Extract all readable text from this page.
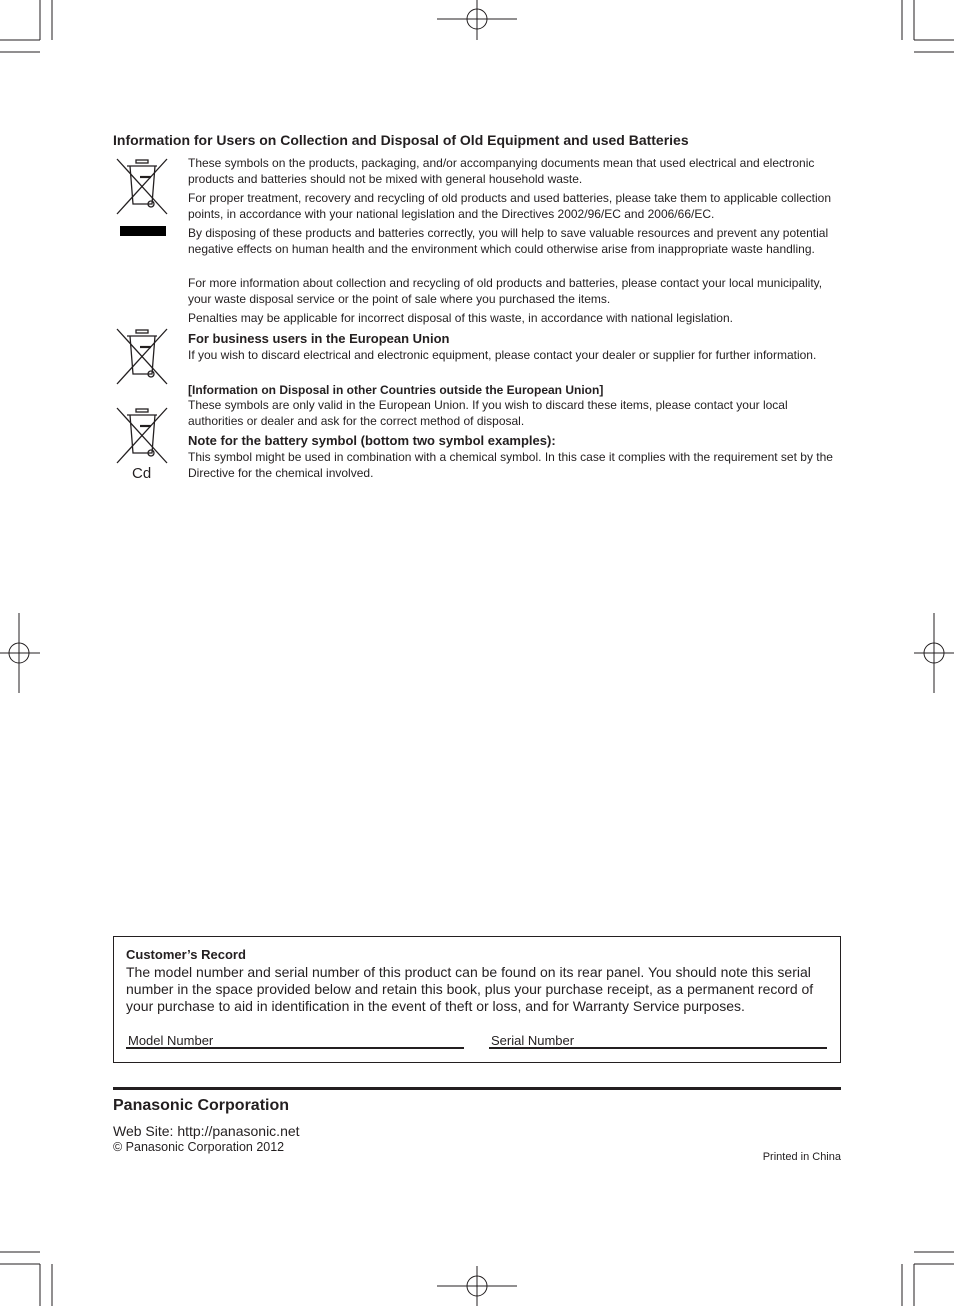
Information for Users on Collection and Disposal of Old Equipment and used Batteries
Cd

These symbols on the products, packaging, and/or accompanying documents mean that used electrical and electronic products and batteries should not be mixed with general household waste.

For proper treatment, recovery and recycling of old products and used batteries, please take them to applicable collection points, in accordance with your national legislation and the Directives 2002/96/EC and 2006/66/EC.

By disposing of these products and batteries correctly, you will help to save valuable resources and prevent any potential negative effects on human health and the environment which could otherwise arise from inappropriate waste handling.

For more information about collection and recycling of old products and batteries, please contact your local municipality, your waste disposal service or the point of sale where you purchased the items.

Penalties may be applicable for incorrect disposal of this waste, in accordance with national legislation.

For business users in the European Union

If you wish to discard electrical and electronic equipment, please contact your dealer or supplier for further information.

[Information on Disposal in other Countries outside the European Union]

These symbols are only valid in the European Union. If you wish to discard these items, please contact your local authorities or dealer and ask for the correct method of disposal.

Note for the battery symbol (bottom two symbol examples):

This symbol might be used in combination with a chemical symbol. In this case it complies with the requirement set by the Directive for the chemical involved.

Customer’s Record

The model number and serial number of this product can be found on its rear panel. You should note this serial number in the space provided below and retain this book, plus your purchase receipt, as a permanent record of your purchase to aid in identification in the event of theft or loss, and for Warranty Service purposes.

Model Number	Serial Number
Panasonic Corporation
Web Site: http://panasonic.net
© Panasonic Corporation 2012
Printed in China
